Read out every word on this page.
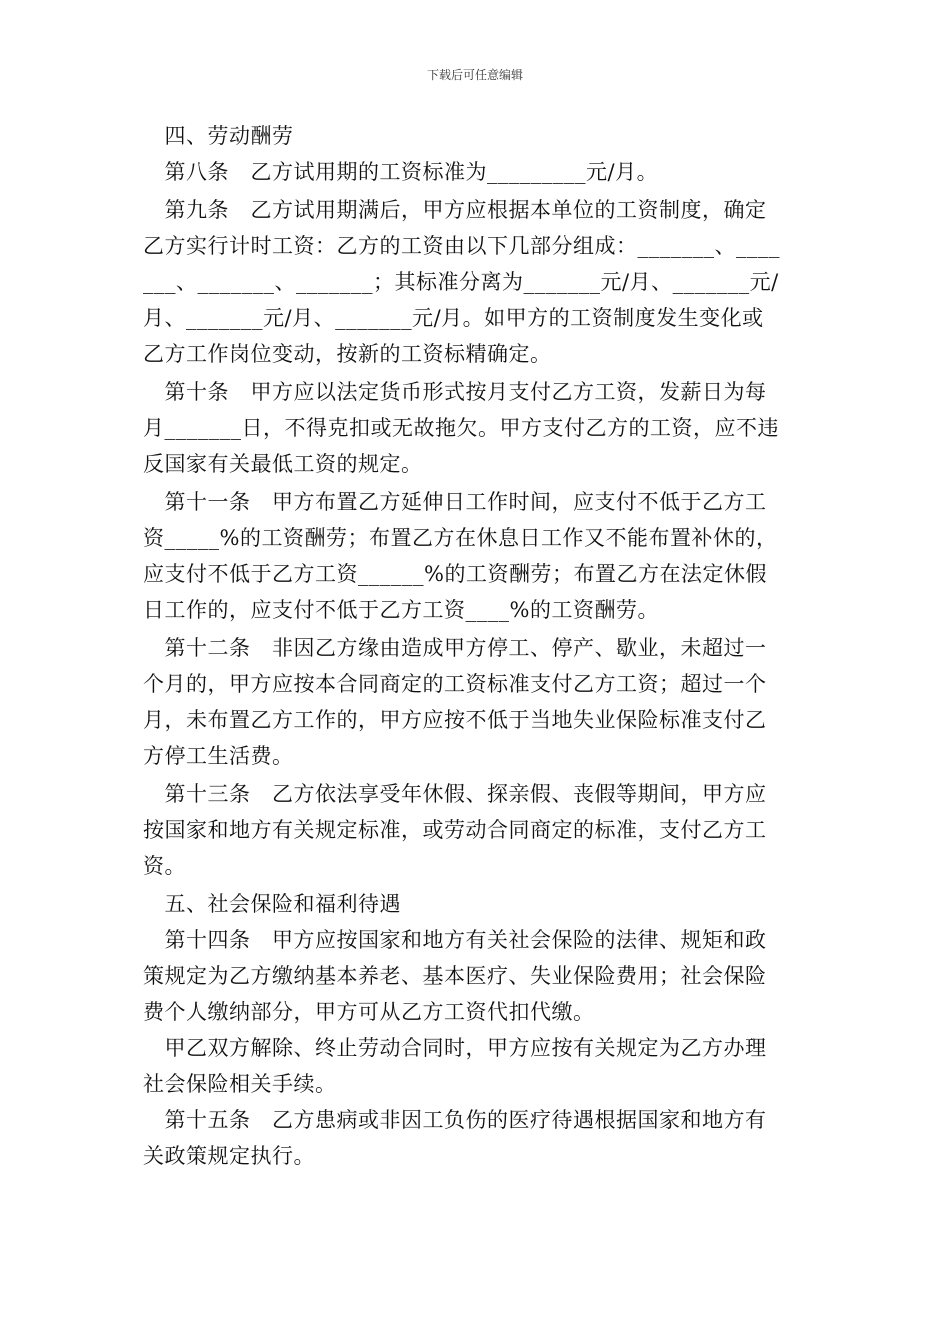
下载后可任意编辑
　四、劳动酬劳
　第八条　乙方试用期的工资标准为_________元/月。
　第九条　乙方试用期满后，甲方应根据本单位的工资制度，确定
乙方实行计时工资：乙方的工资由以下几部分组成：_______、____
___、_______、_______；其标准分离为_______元/月、_______元/
月、_______元/月、_______元/月。如甲方的工资制度发生变化或
乙方工作岗位变动，按新的工资标精确定。
　第十条　甲方应以法定货币形式按月支付乙方工资，发薪日为每
月_______日，不得克扣或无故拖欠。甲方支付乙方的工资，应不违
反国家有关最低工资的规定。
　第十一条　甲方布置乙方延伸日工作时间，应支付不低于乙方工
资_____%的工资酬劳；布置乙方在休息日工作又不能布置补休的，
应支付不低于乙方工资______%的工资酬劳；布置乙方在法定休假
日工作的，应支付不低于乙方工资____%的工资酬劳。
　第十二条　非因乙方缘由造成甲方停工、停产、歇业，未超过一
个月的，甲方应按本合同商定的工资标准支付乙方工资；超过一个
月，未布置乙方工作的，甲方应按不低于当地失业保险标准支付乙
方停工生活费。
　第十三条　乙方依法享受年休假、探亲假、丧假等期间，甲方应
按国家和地方有关规定标准，或劳动合同商定的标准，支付乙方工
资。
　五、社会保险和福利待遇
　第十四条　甲方应按国家和地方有关社会保险的法律、规矩和政
策规定为乙方缴纳基本养老、基本医疗、失业保险费用；社会保险
费个人缴纳部分，甲方可从乙方工资代扣代缴。
　甲乙双方解除、终止劳动合同时，甲方应按有关规定为乙方办理
社会保险相关手续。
　第十五条　乙方患病或非因工负伤的医疗待遇根据国家和地方有
关政策规定执行。
